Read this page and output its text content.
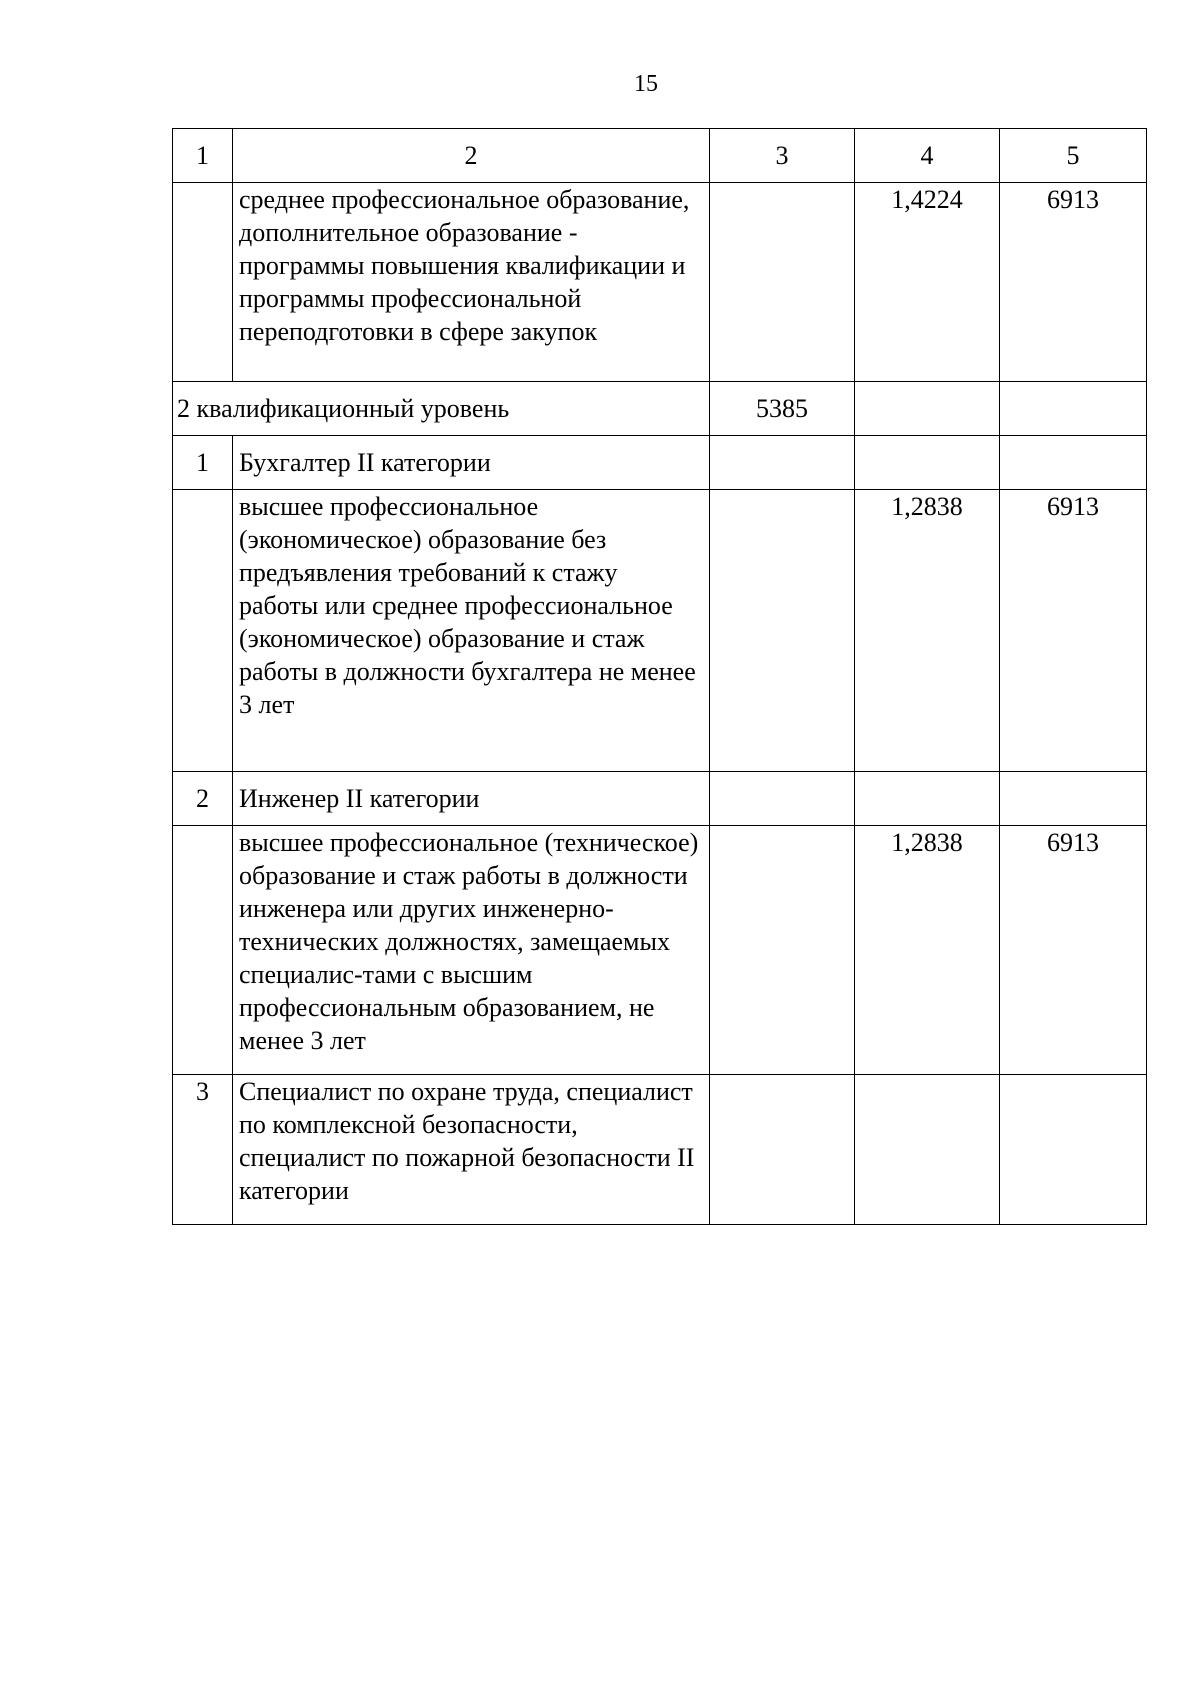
15
1	2	3	4	5
	среднее профессиональное образование, дополнительное образование - программы повышения квалификации и программы профессиональной переподготовки в сфере закупок		1,4224	6913
2 квалификационный уровень		5385		
1	Бухгалтер II категории			
	высшее профессиональное (экономическое) образование без предъявления требований к стажу работы или среднее профессиональное (экономическое) образование и стаж работы в должности бухгалтера не менее 3 лет		1,2838	6913
2	Инженер II категории			
	высшее профессиональное (техническое) образование и стаж работы в должности инженера или других инженерно-технических должностях, замещаемых специалис-тами с высшим профессиональным образованием, не менее 3 лет		1,2838	6913
3	Специалист по охране труда, специалист по комплексной безопасности, специалист по пожарной безопасности II категории			
